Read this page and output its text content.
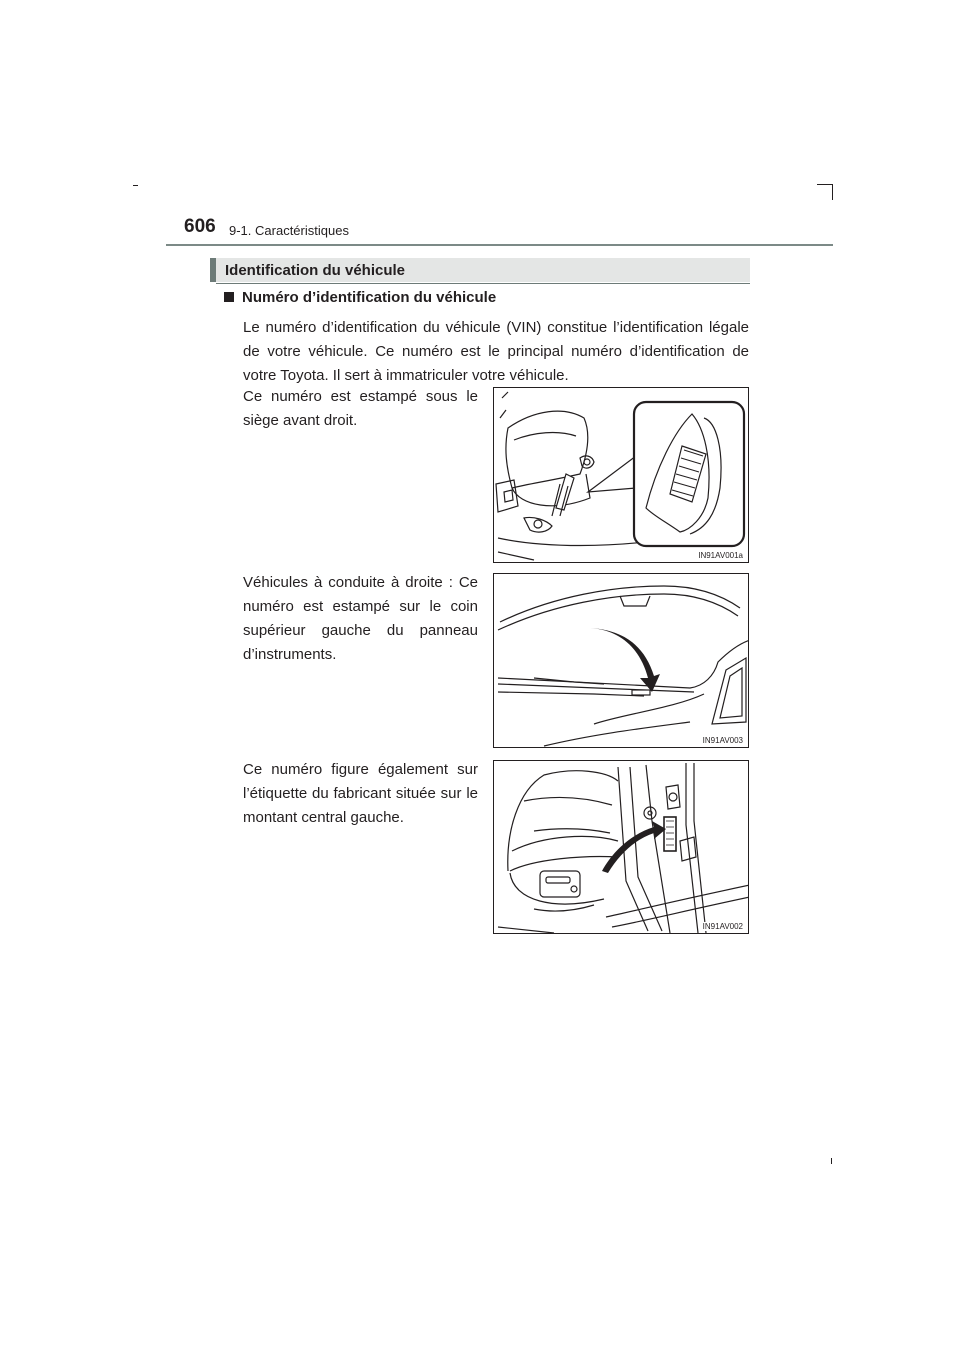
606 9-1. Caractéristiques
Identification du véhicule
Numéro d’identification du véhicule

Le numéro d’identification du véhicule (VIN) constitue l’identification légale de votre véhicule. Ce numéro est le principal numéro d’identification de votre Toyota. Il sert à immatriculer votre véhicule.

Ce numéro est estampé sous le siège avant droit.

Véhicules à conduite à droite : Ce numéro est estampé sur le coin supérieur gauche du panneau d’instruments.

Ce numéro figure également sur l’étiquette du fabricant située sur le montant central gauche.

IN91AV001a
IN91AV003
IN91AV002
